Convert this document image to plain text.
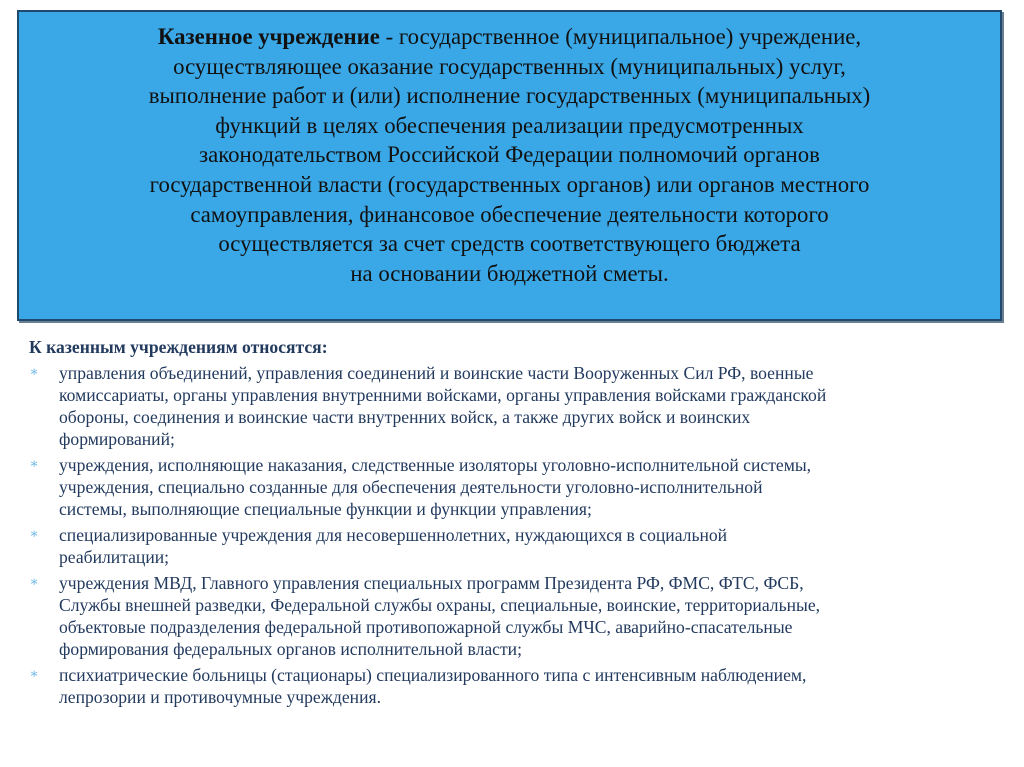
Казенное учреждение - государственное (муниципальное) учреждение,
осуществляющее оказание государственных (муниципальных) услуг,
выполнение работ и (или) исполнение государственных (муниципальных)
функций в целях обеспечения реализации предусмотренных
законодательством Российской Федерации полномочий органов
государственной власти (государственных органов) или органов местного
самоуправления, финансовое обеспечение деятельности которого
осуществляется за счет средств соответствующего бюджета
на основании бюджетной сметы.
К казенным учреждениям относятся:
∗ управления объединений, управления соединений и воинские части Вооруженных Сил РФ, военные
комиссариаты, органы управления внутренними войсками, органы управления войсками гражданской
обороны, соединения и воинские части внутренних войск, а также других войск и воинских
формирований;
∗ учреждения, исполняющие наказания, следственные изоляторы уголовно-исполнительной системы,
учреждения, специально созданные для обеспечения деятельности уголовно-исполнительной
системы, выполняющие специальные функции и функции управления;
∗ специализированные учреждения для несовершеннолетних, нуждающихся в социальной
реабилитации;
∗ учреждения МВД, Главного управления специальных программ Президента РФ, ФМС, ФТС, ФСБ,
Службы внешней разведки, Федеральной службы охраны, специальные, воинские, территориальные,
объектовые подразделения федеральной противопожарной службы МЧС, аварийно-спасательные
формирования федеральных органов исполнительной власти;
∗ психиатрические больницы (стационары) специализированного типа с интенсивным наблюдением,
лепрозории и противочумные учреждения.
